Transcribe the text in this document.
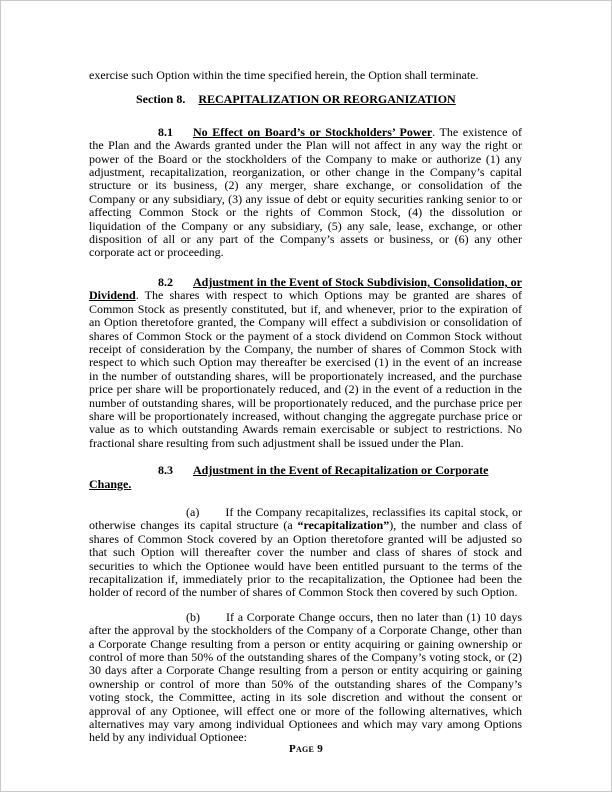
exercise such Option within the time specified herein, the Option shall terminate.

Section 8. RECAPITALIZATION OR REORGANIZATION

8.1 No Effect on Board’s or Stockholders’ Power. The existence of the Plan and the Awards granted under the Plan will not affect in any way the right or power of the Board or the stockholders of the Company to make or authorize (1) any adjustment, recapitalization, reorganization, or other change in the Company’s capital structure or its business, (2) any merger, share exchange, or consolidation of the Company or any subsidiary, (3) any issue of debt or equity securities ranking senior to or affecting Common Stock or the rights of Common Stock, (4) the dissolution or liquidation of the Company or any subsidiary, (5) any sale, lease, exchange, or other disposition of all or any part of the Company’s assets or business, or (6) any other corporate act or proceeding.

8.2 Adjustment in the Event of Stock Subdivision, Consolidation, or Dividend. The shares with respect to which Options may be granted are shares of Common Stock as presently constituted, but if, and whenever, prior to the expiration of an Option theretofore granted, the Company will effect a subdivision or consolidation of shares of Common Stock or the payment of a stock dividend on Common Stock without receipt of consideration by the Company, the number of shares of Common Stock with respect to which such Option may thereafter be exercised (1) in the event of an increase in the number of outstanding shares, will be proportionately increased, and the purchase price per share will be proportionately reduced, and (2) in the event of a reduction in the number of outstanding shares, will be proportionately reduced, and the purchase price per share will be proportionately increased, without changing the aggregate purchase price or value as to which outstanding Awards remain exercisable or subject to restrictions. No fractional share resulting from such adjustment shall be issued under the Plan.

8.3 Adjustment in the Event of Recapitalization or Corporate Change.

(a) If the Company recapitalizes, reclassifies its capital stock, or otherwise changes its capital structure (a “recapitalization”), the number and class of shares of Common Stock covered by an Option theretofore granted will be adjusted so that such Option will thereafter cover the number and class of shares of stock and securities to which the Optionee would have been entitled pursuant to the terms of the recapitalization if, immediately prior to the recapitalization, the Optionee had been the holder of record of the number of shares of Common Stock then covered by such Option.

(b) If a Corporate Change occurs, then no later than (1) 10 days after the approval by the stockholders of the Company of a Corporate Change, other than a Corporate Change resulting from a person or entity acquiring or gaining ownership or control of more than 50% of the outstanding shares of the Company’s voting stock, or (2) 30 days after a Corporate Change resulting from a person or entity acquiring or gaining ownership or control of more than 50% of the outstanding shares of the Company’s voting stock, the Committee, acting in its sole discretion and without the consent or approval of any Optionee, will effect one or more of the following alternatives, which alternatives may vary among individual Optionees and which may vary among Options held by any individual Optionee:

Page 9
